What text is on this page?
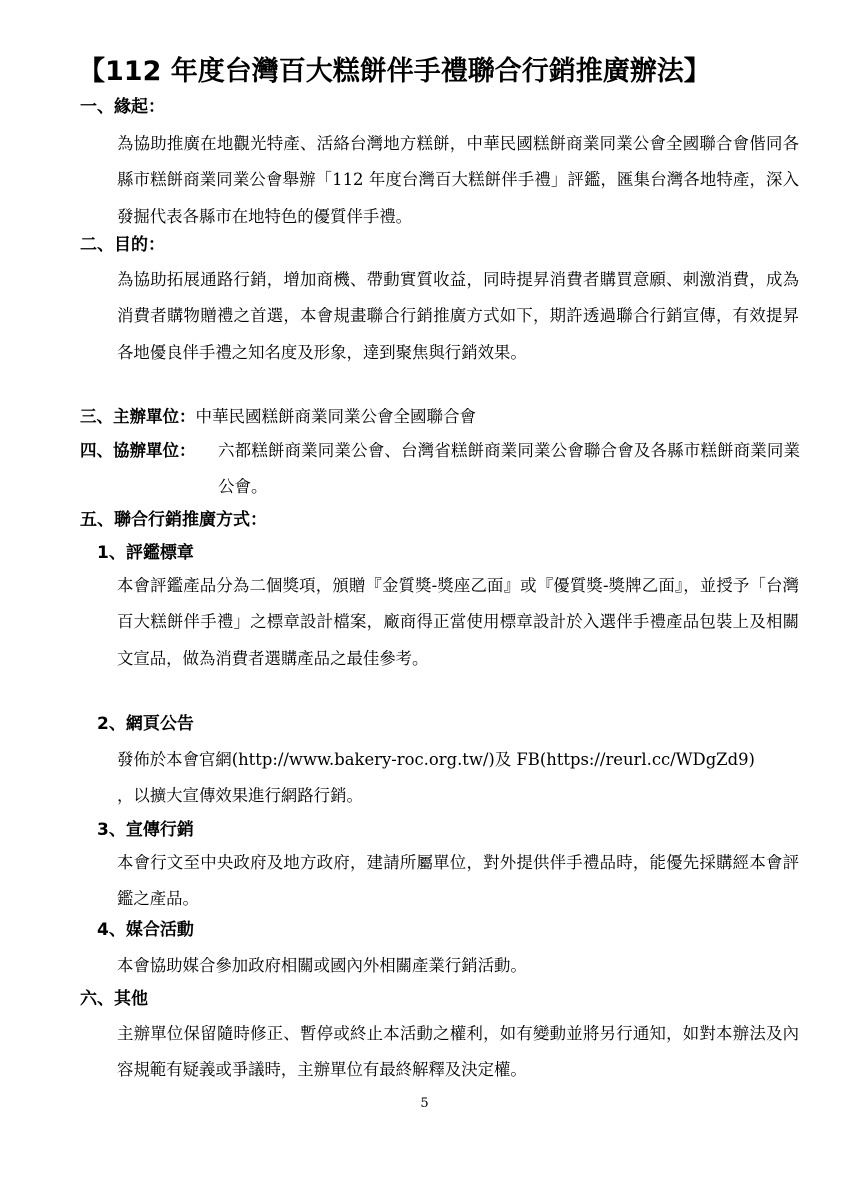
【112 年度台灣百大糕餅伴手禮聯合行銷推廣辦法】
一、緣起：
為協助推廣在地觀光特產、活絡台灣地方糕餅，中華民國糕餅商業同業公會全國聯合會偕同各縣市糕餅商業同業公會舉辦「112 年度台灣百大糕餅伴手禮」評鑑，匯集台灣各地特產，深入發掘代表各縣市在地特色的優質伴手禮。
二、目的：
為協助拓展通路行銷，增加商機、帶動實質收益，同時提昇消費者購買意願、刺激消費，成為消費者購物贈禮之首選，本會規畫聯合行銷推廣方式如下，期許透過聯合行銷宣傳，有效提昇各地優良伴手禮之知名度及形象，達到聚焦與行銷效果。
三、主辦單位：中華民國糕餅商業同業公會全國聯合會
四、協辦單位：	六都糕餅商業同業公會、台灣省糕餅商業同業公會聯合會及各縣市糕餅商業同業公會。
五、聯合行銷推廣方式：
1、評鑑標章
本會評鑑產品分為二個獎項，頒贈『金質獎-獎座乙面』或『優質獎-獎牌乙面』，並授予「台灣百大糕餅伴手禮」之標章設計檔案，廠商得正當使用標章設計於入選伴手禮產品包裝上及相關文宣品，做為消費者選購產品之最佳參考。
2、網頁公告
發佈於本會官網(http://www.bakery-roc.org.tw/)及 FB(https://reurl.cc/WDgZd9)
，以擴大宣傳效果進行網路行銷。
3、宣傳行銷
本會行文至中央政府及地方政府，建請所屬單位，對外提供伴手禮品時，能優先採購經本會評鑑之產品。
4、媒合活動
本會協助媒合參加政府相關或國內外相關產業行銷活動。
六、其他
主辦單位保留隨時修正、暫停或終止本活動之權利，如有變動並將另行通知，如對本辦法及內容規範有疑義或爭議時，主辦單位有最終解釋及決定權。
5
